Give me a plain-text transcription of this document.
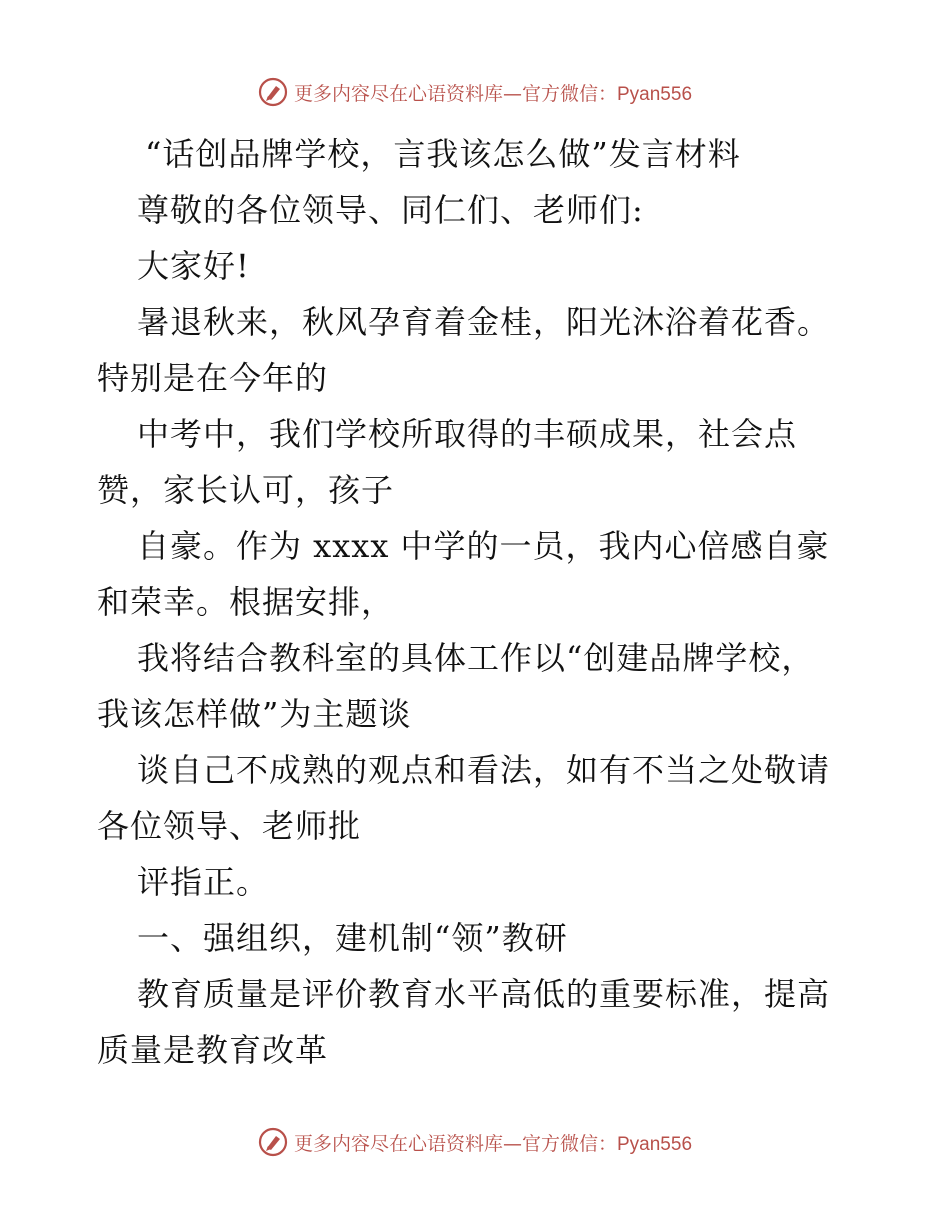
更多内容尽在心语资料库—官方微信：Pyan556
“话创品牌学校，言我该怎么做”发言材料
尊敬的各位领导、同仁们、老师们:
大家好!
暑退秋来，秋风孕育着金桂，阳光沐浴着花香。
特别是在今年的
中考中，我们学校所取得的丰硕成果，社会点
赞，家长认可，孩子
自豪。作为 xxxx 中学的一员，我内心倍感自豪
和荣幸。根据安排，
我将结合教科室的具体工作以“创建品牌学校，
我该怎样做”为主题谈
谈自己不成熟的观点和看法，如有不当之处敬请
各位领导、老师批
评指正。
一、强组织，建机制“领”教研
教育质量是评价教育水平高低的重要标准，提高
质量是教育改革
更多内容尽在心语资料库—官方微信：Pyan556
